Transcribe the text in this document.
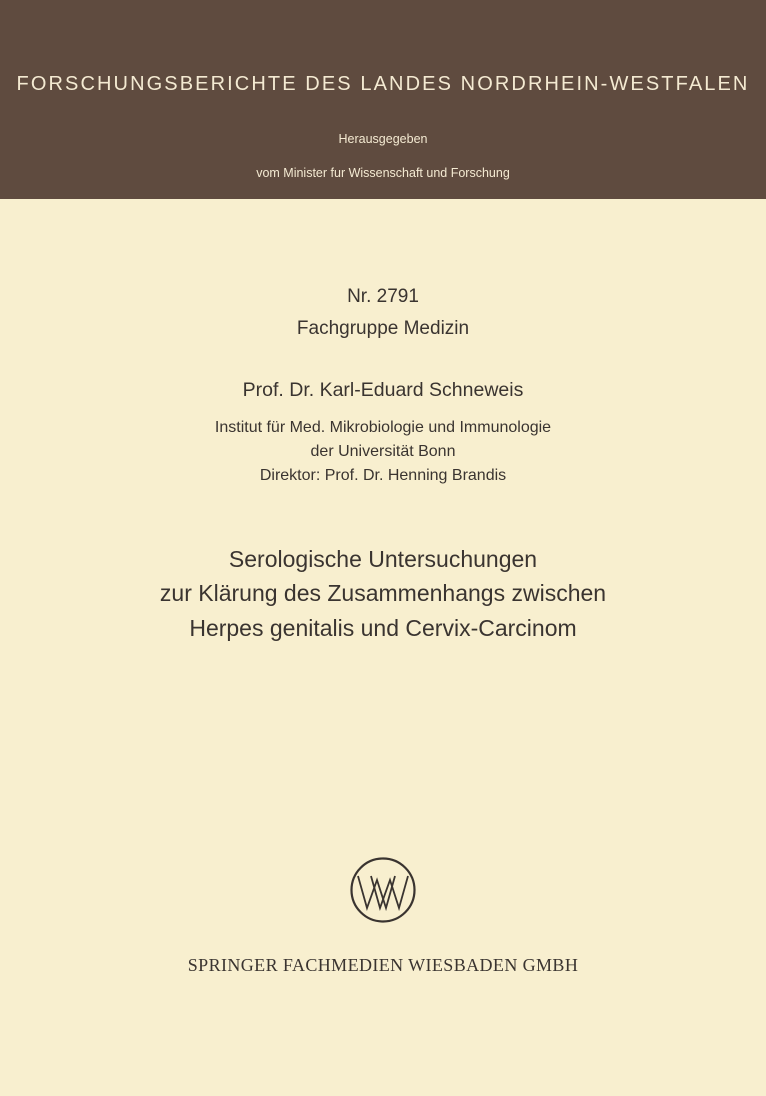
FORSCHUNGSBERICHTE DES LANDES NORDRHEIN-WESTFALEN
Herausgegeben
vom Minister fur Wissenschaft und Forschung
Nr. 2791
Fachgruppe Medizin
Prof. Dr. Karl-Eduard Schneweis
Institut für Med. Mikrobiologie und Immunologie
der Universität Bonn
Direktor: Prof. Dr. Henning Brandis
Serologische Untersuchungen
zur Klärung des Zusammenhangs zwischen
Herpes genitalis und Cervix-Carcinom
SPRINGER FACHMEDIEN WIESBADEN GMBH
